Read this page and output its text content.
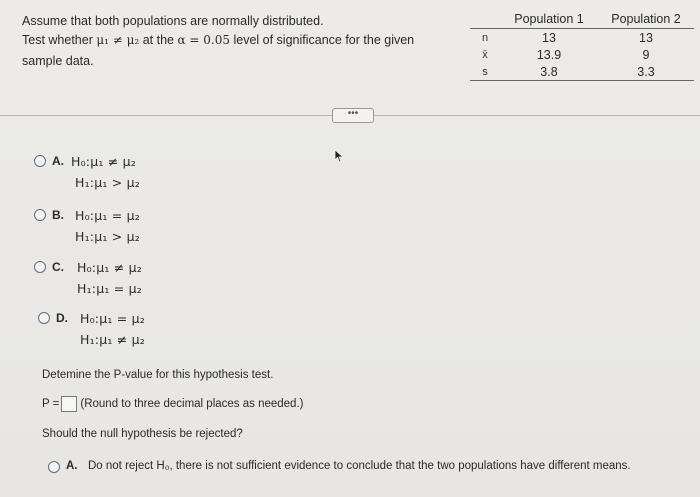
Assume that both populations are normally distributed.
Test whether μ₁ ≠ μ₂ at the α = 0.05 level of significance for the given
sample data.
	Population 1	Population 2
n	13	13
x̄	13.9	9
s	3.8	3.3
•••
A. H₀:μ₁ ≠ μ₂
H₁:μ₁ > μ₂
B. H₀:μ₁ = μ₂
H₁:μ₁ > μ₂
C. H₀:μ₁ ≠ μ₂
H₁:μ₁ = μ₂
D. H₀:μ₁ = μ₂
H₁:μ₁ ≠ μ₂
Detemine the P-value for this hypothesis test.
P = (Round to three decimal places as needed.)
Should the null hypothesis be rejected?
A. Do not reject H₀, there is not sufficient evidence to conclude that the two populations have different means.
